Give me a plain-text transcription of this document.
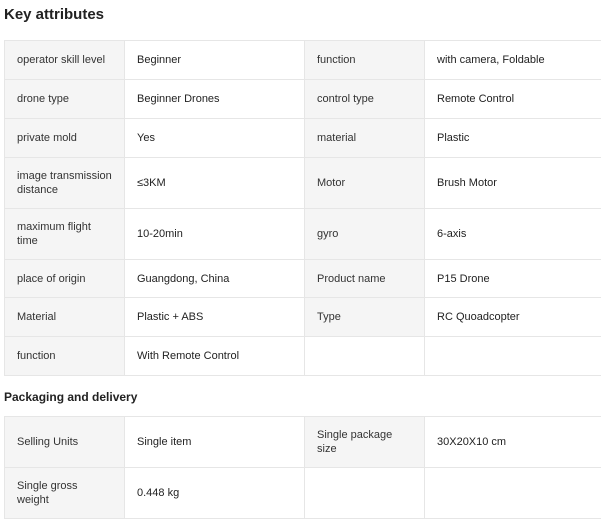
Key attributes
operator skill level	Beginner	function	with camera, Foldable
drone type	Beginner Drones	control type	Remote Control
private mold	Yes	material	Plastic
image transmission distance	≤3KM	Motor	Brush Motor
maximum flight time	10-20min	gyro	6-axis
place of origin	Guangdong, China	Product name	P15 Drone
Material	Plastic + ABS	Type	RC Quoadcopter
function	With Remote Control		
Packaging and delivery
Selling Units	Single item	Single package size	30X20X10 cm
Single gross weight	0.448 kg		
